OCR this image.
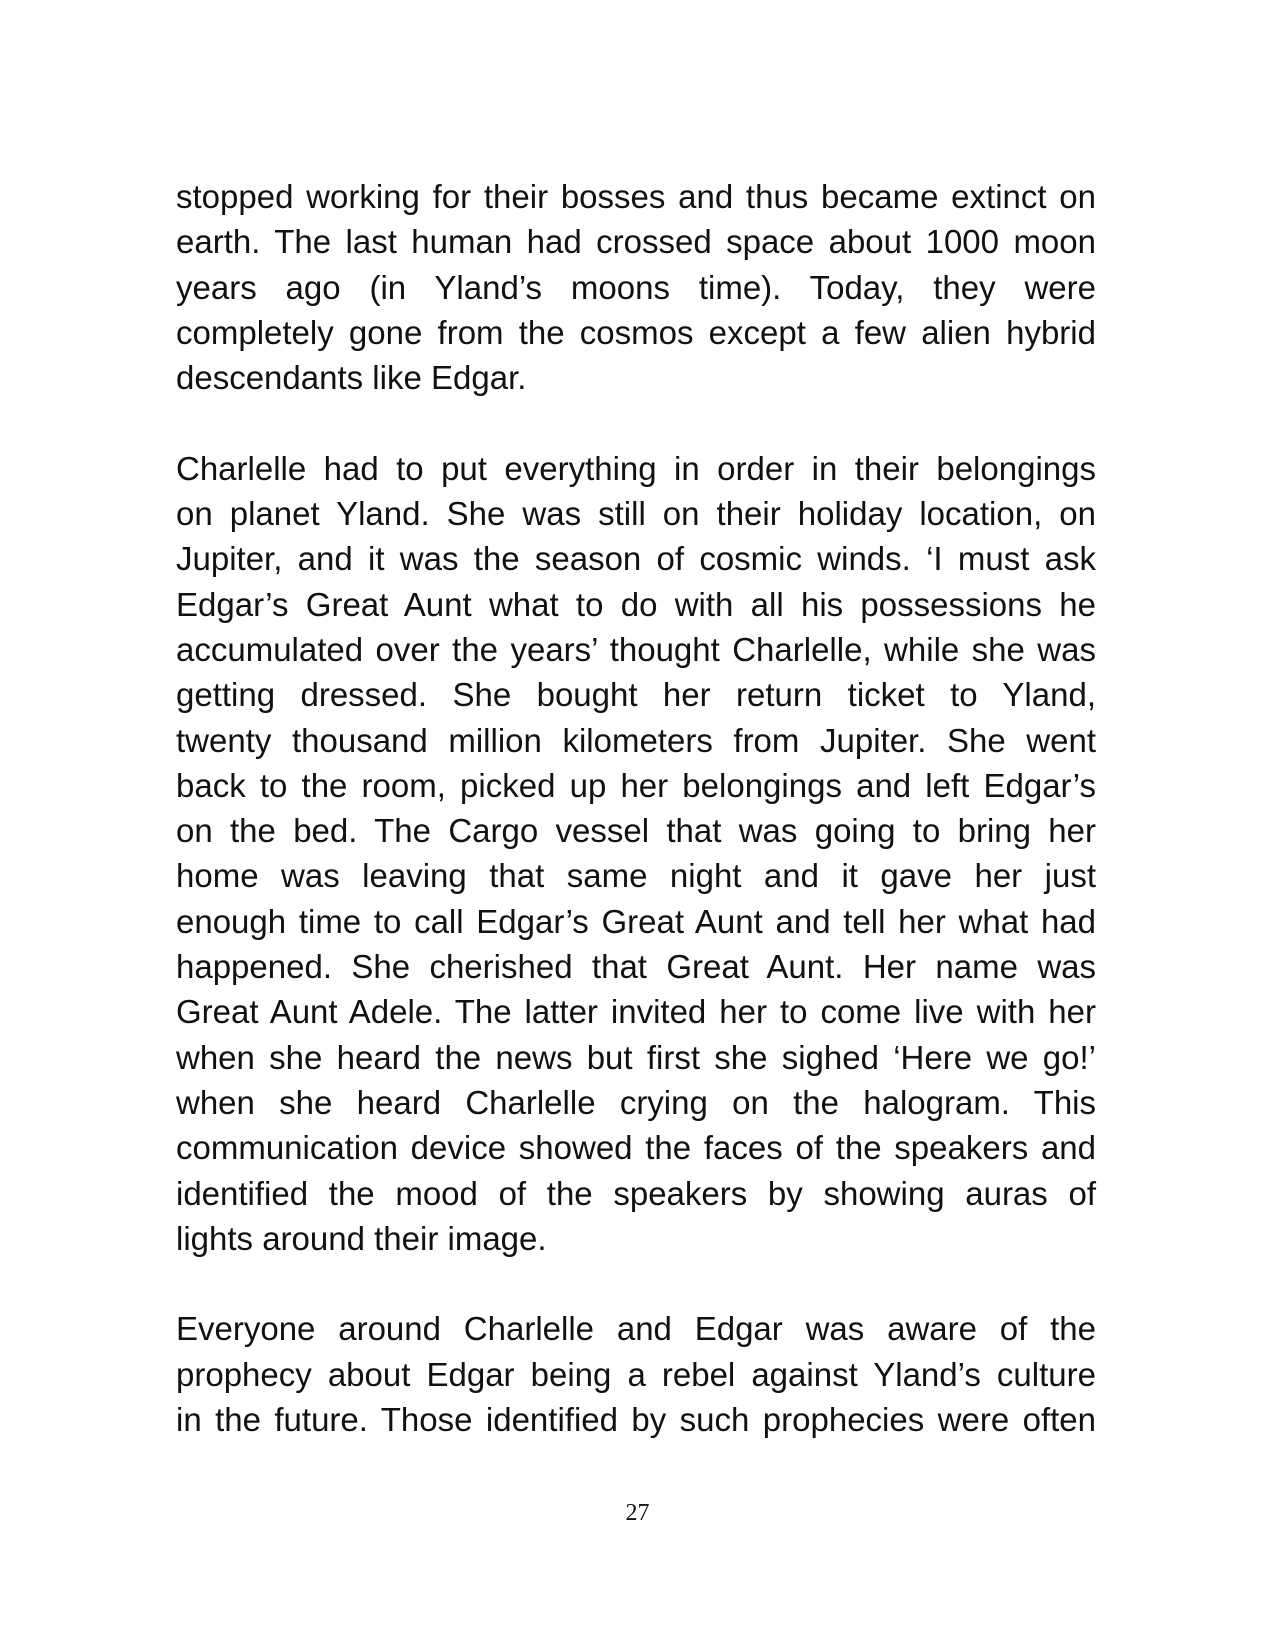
stopped working for their bosses and thus became extinct on
earth. The last human had crossed space about 1000 moon
years ago (in Yland’s moons time). Today, they were
completely gone from the cosmos except a few alien hybrid
descendants like Edgar.

Charlelle had to put everything in order in their belongings
on planet Yland. She was still on their holiday location, on
Jupiter, and it was the season of cosmic winds. ‘I must ask
Edgar’s Great Aunt what to do with all his possessions he
accumulated over the years’ thought Charlelle, while she was
getting dressed. She bought her return ticket to Yland,
twenty thousand million kilometers from Jupiter. She went
back to the room, picked up her belongings and left Edgar’s
on the bed. The Cargo vessel that was going to bring her
home was leaving that same night and it gave her just
enough time to call Edgar’s Great Aunt and tell her what had
happened. She cherished that Great Aunt. Her name was
Great Aunt Adele. The latter invited her to come live with her
when she heard the news but first she sighed ‘Here we go!’
when she heard Charlelle crying on the halogram. This
communication device showed the faces of the speakers and
identified the mood of the speakers by showing auras of
lights around their image.

Everyone around Charlelle and Edgar was aware of the
prophecy about Edgar being a rebel against Yland’s culture
in the future. Those identified by such prophecies were often

27
